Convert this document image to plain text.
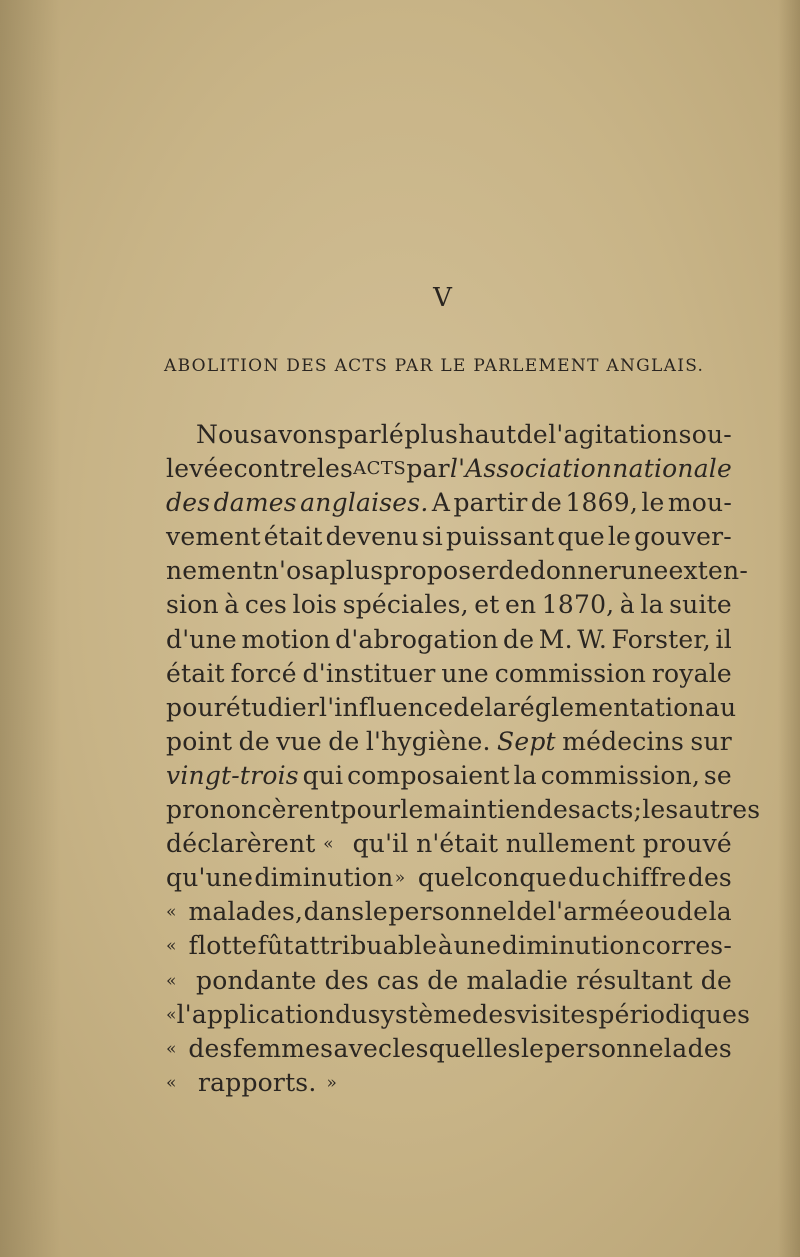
V
ABOLITION DES ACTS PAR LE PARLEMENT ANGLAIS.
Nous avons parlé plus haut de l'agitation sou-
levée contre les ACTS par l'Association nationale
des dames anglaises. A partir de 1869, le mou-
vement était devenu si puissant que le gouver-
nement n'osa plus proposer de donner une exten-
sion à ces lois spéciales, et en 1870, à la suite
d'une motion d'abrogation de M. W. Forster, il
était forcé d'instituer une commission royale
pour étudier l'influence de la réglementation au
point de vue de l'hygiène. Sept médecins sur
vingt-trois qui composaient la commission, se
prononcèrent pour le maintien des acts; les autres
déclarèrent « qu'il n'était nullement prouvé
qu'une diminution » quelconque du chiffre des
« malades, dans le personnel de l'armée ou de la
« flotte fût attribuable à une diminution corres-
« pondante des cas de maladie résultant de
« l'application du système des visites périodiques
« des femmes avec lesquelles le personnel a des
« rapports. »
